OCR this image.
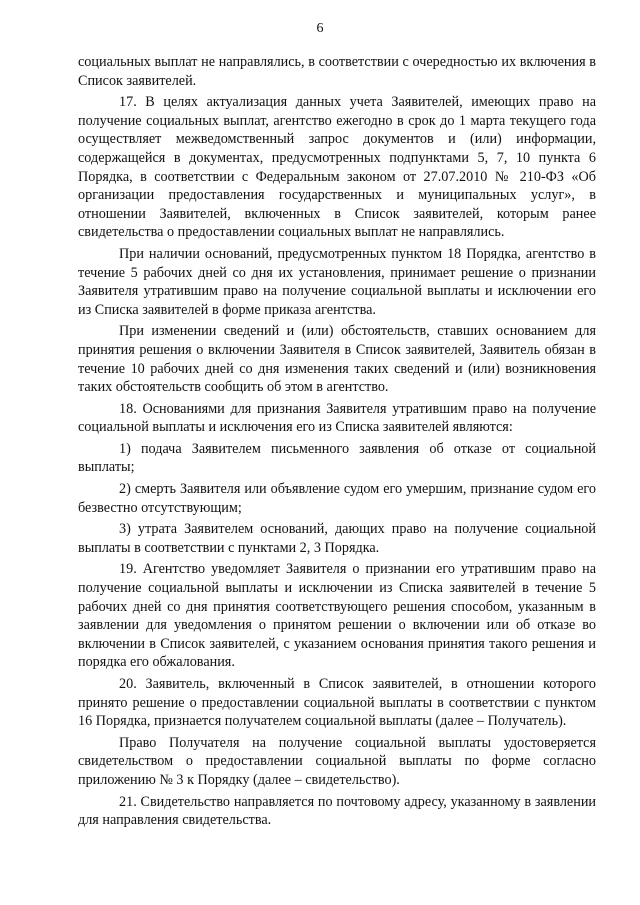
6

социальных выплат не направлялись, в соответствии с очередностью их включения в Список заявителей.

17. В целях актуализация данных учета Заявителей, имеющих право на получение социальных выплат, агентство ежегодно в срок до 1 марта текущего года осуществляет межведомственный запрос документов и (или) информации, содержащейся в документах, предусмотренных подпунктами 5, 7, 10 пункта 6 Порядка, в соответствии с Федеральным законом от 27.07.2010 № 210-ФЗ «Об организации предоставления государственных и муниципальных услуг», в отношении Заявителей, включенных в Список заявителей, которым ранее свидетельства о предоставлении социальных выплат не направлялись.

При наличии оснований, предусмотренных пунктом 18 Порядка, агентство в течение 5 рабочих дней со дня их установления, принимает решение о признании Заявителя утратившим право на получение социальной выплаты и исключении его из Списка заявителей в форме приказа агентства.

При изменении сведений и (или) обстоятельств, ставших основанием для принятия решения о включении Заявителя в Список заявителей, Заявитель обязан в течение 10 рабочих дней со дня изменения таких сведений и (или) возникновения таких обстоятельств сообщить об этом в агентство.

18. Основаниями для признания Заявителя утратившим право на получение социальной выплаты и исключения его из Списка заявителей являются:

1) подача Заявителем письменного заявления об отказе от социальной выплаты;

2) смерть Заявителя или объявление судом его умершим, признание судом его безвестно отсутствующим;

3) утрата Заявителем оснований, дающих право на получение социальной выплаты в соответствии с пунктами 2, 3 Порядка.

19. Агентство уведомляет Заявителя о признании его утратившим право на получение социальной выплаты и исключении из Списка заявителей в течение 5 рабочих дней со дня принятия соответствующего решения способом, указанным в заявлении для уведомления о принятом решении о включении или об отказе во включении в Список заявителей, с указанием основания принятия такого решения и порядка его обжалования.

20. Заявитель, включенный в Список заявителей, в отношении которого принято решение о предоставлении социальной выплаты в соответствии с пунктом 16 Порядка, признается получателем социальной выплаты (далее – Получатель).

Право Получателя на получение социальной выплаты удостоверяется свидетельством о предоставлении социальной выплаты по форме согласно приложению № 3 к Порядку (далее – свидетельство).

21. Свидетельство направляется по почтовому адресу, указанному в заявлении для направления свидетельства.
